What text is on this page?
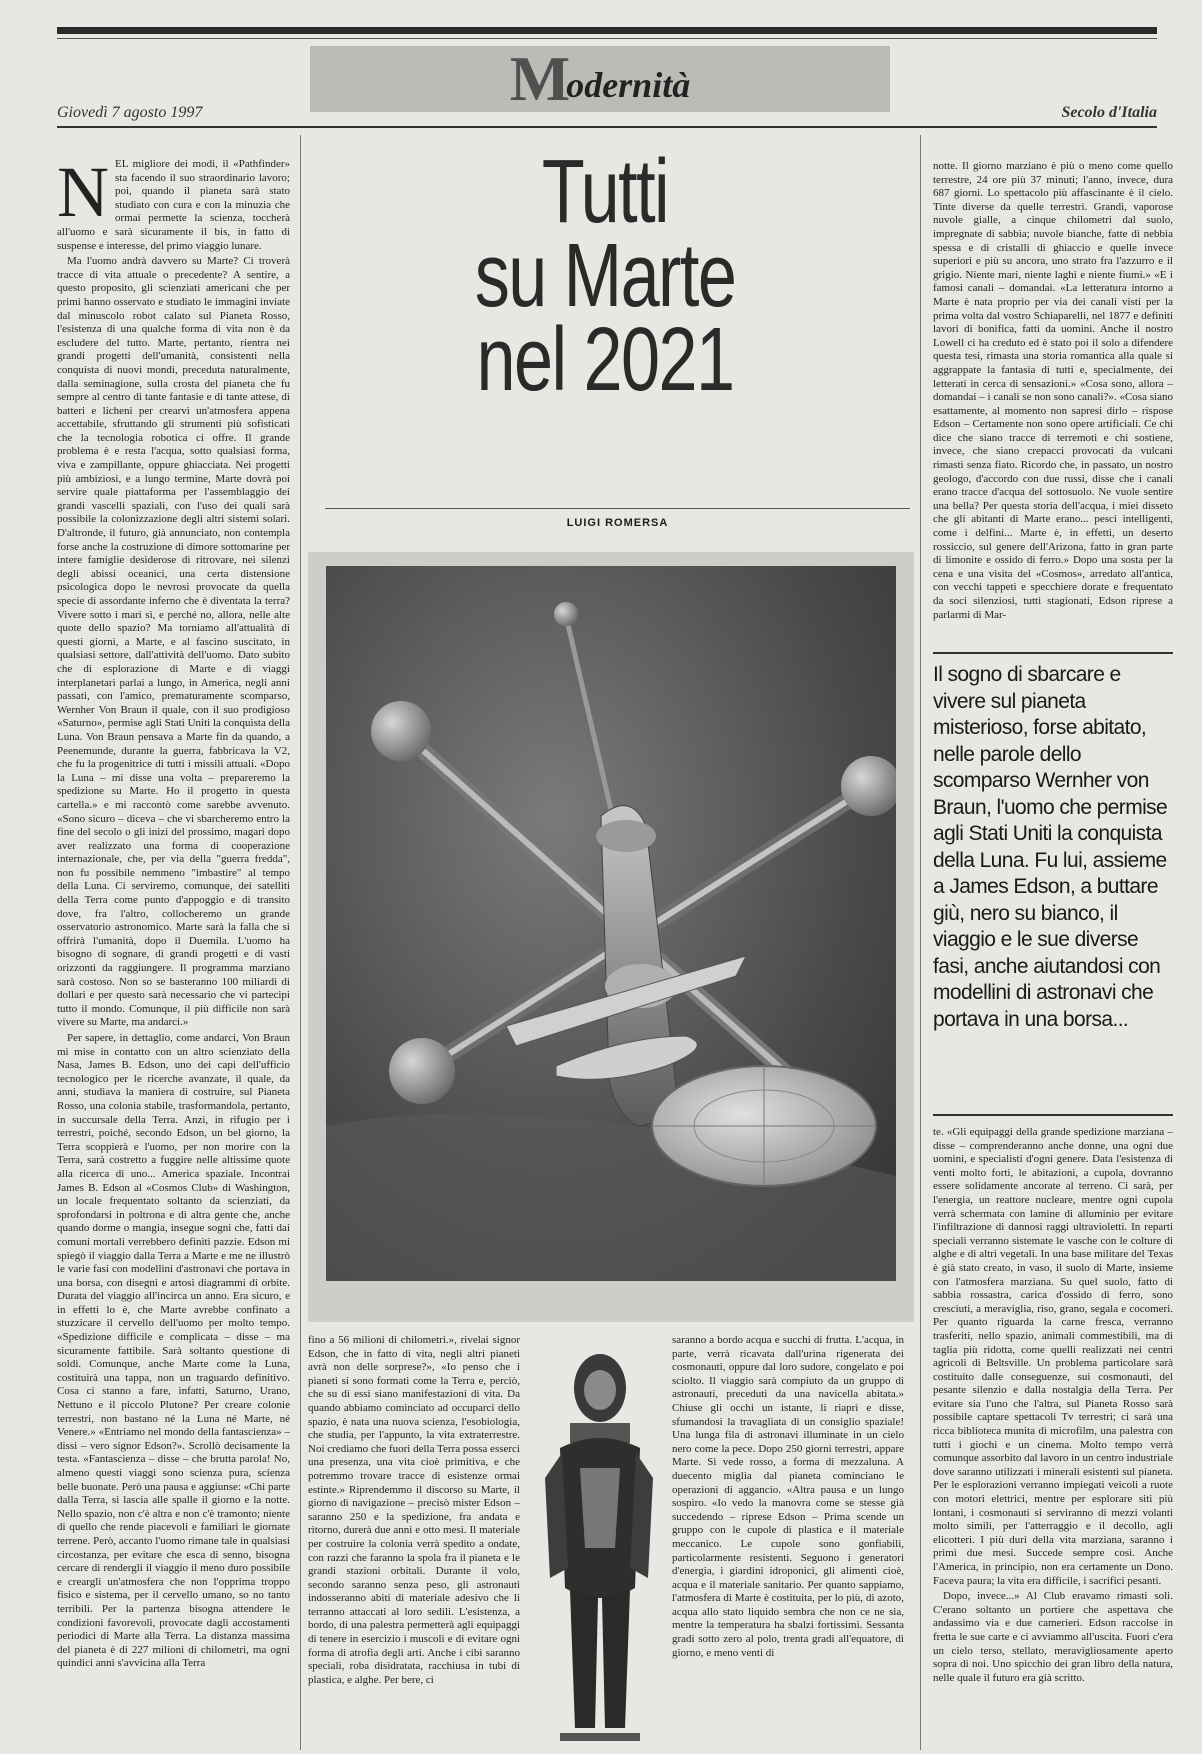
M
odernità
Giovedì 7 agosto 1997	Secolo d'Italia
N EL migliore dei modi, il «Pathfinder» sta facendo il suo straordinario lavoro; poi, quando il pianeta sarà stato studiato con cura e con la minuzia che ormai permette la scienza, toccherà all'uomo e sarà sicuramente il bis, in fatto di suspense e interesse, del primo viaggio lunare.

Ma l'uomo andrà davvero su Marte? Ci troverà tracce di vita attuale o precedente? A sentire, a questo proposito, gli scienziati americani che per primi hanno osservato e studiato le immagini inviate dal minuscolo robot calato sul Pianeta Rosso, l'esistenza di una qualche forma di vita non è da escludere del tutto. Marte, pertanto, rientra nei grandi progetti dell'umanità, consistenti nella conquista di nuovi mondi, preceduta naturalmente, dalla seminagione, sulla crosta del pianeta che fu sempre al centro di tante fantasie e di tante attese, di batteri e licheni per crearvi un'atmosfera appena accettabile, sfruttando gli strumenti più sofisticati che la tecnologia robotica ci offre. Il grande problema è e resta l'acqua, sotto qualsiasi forma, viva e zampillante, oppure ghiacciata. Nei progetti più ambiziosi, e a lungo termine, Marte dovrà poi servire quale piattaforma per l'assemblaggio dei grandi vascelli spaziali, con l'uso dei quali sarà possibile la colonizzazione degli altri sistemi solari. D'altronde, il futuro, già annunciato, non contempla forse anche la costruzione di dimore sottomarine per intere famiglie desiderose di ritrovare, nei silenzi degli abissi oceanici, una certa distensione psicologica dopo le nevrosi provocate da quella specie di assordante inferno che è diventata la terra? Vivere sotto i mari sì, e perché no, allora, nelle alte quote dello spazio? Ma torniamo all'attualità di questi giorni, a Marte, e al fascino suscitato, in qualsiasi settore, dall'attività dell'uomo. Dato subito che di esplorazione di Marte e di viaggi interplanetari parlai a lungo, in America, negli anni passati, con l'amico, prematuramente scomparso, Wernher Von Braun il quale, con il suo prodigioso «Saturno», permise agli Stati Uniti la conquista della Luna. Von Braun pensava a Marte fin da quando, a Peenemunde, durante la guerra, fabbricava la V2, che fu la progenitrice di tutti i missili attuali. «Dopo la Luna – mi disse una volta – prepareremo la spedizione su Marte. Ho il progetto in questa cartella.» e mi raccontò come sarebbe avvenuto. «Sono sicuro – diceva – che vi sbarcheremo entro la fine del secolo o gli inizi del prossimo, magari dopo aver realizzato una forma di cooperazione internazionale, che, per via della "guerra fredda", non fu possibile nemmeno "imbastire" al tempo della Luna. Ci serviremo, comunque, dei satelliti della Terra come punto d'appoggio e di transito dove, fra l'altro, collocheremo un grande osservatorio astronomico. Marte sarà la falla che si offrirà l'umanità, dopo il Duemila. L'uomo ha bisogno di sognare, di grandi progetti e di vasti orizzonti da raggiungere. Il programma marziano sarà costoso. Non so se basteranno 100 miliardi di dollari e per questo sarà necessario che vi partecipi tutto il mondo. Comunque, il più difficile non sarà vivere su Marte, ma andarci.»

Per sapere, in dettaglio, come andarci, Von Braun mi mise in contatto con un altro scienziato della Nasa, James B. Edson, uno dei capi dell'ufficio tecnologico per le ricerche avanzate, il quale, da anni, studiava la maniera di costruire, sul Pianeta Rosso, una colonia stabile, trasformandola, pertanto, in succursale della Terra. Anzi, in rifugio per i terrestri, poiché, secondo Edson, un bel giorno, la Terra scoppierà e l'uomo, per non morire con la Terra, sarà costretto a fuggire nelle altissime quote alla ricerca di uno... America spaziale. Incontrai James B. Edson al «Cosmos Club» di Washington, un locale frequentato soltanto da scienziati, da sprofondarsi in poltrona e di altra gente che, anche quando dorme o mangia, insegue sogni che, fatti dai comuni mortali verrebbero definiti pazzie. Edson mi spiegò il viaggio dalla Terra a Marte e me ne illustrò le varie fasi con modellini d'astronavi che portava in una borsa, con disegni e artosi diagrammi di orbite. Durata del viaggio all'incirca un anno. Era sicuro, e in effetti lo è, che Marte avrebbe confinato a stuzzicare il cervello dell'uomo per molto tempo. «Spedizione difficile e complicata – disse – ma sicuramente fattibile. Sarà soltanto questione di soldi. Comunque, anche Marte come la Luna, costituirà una tappa, non un traguardo definitivo. Cosa ci stanno a fare, infatti, Saturno, Urano, Nettuno e il piccolo Plutone? Per creare colonie terrestri, non bastano né la Luna né Marte, né Venere.» «Entriamo nel mondo della fantascienza» – dissi – vero signor Edson?». Scrollò decisamente la testa. «Fantascienza – disse – che brutta parola! No, almeno questi viaggi sono scienza pura, scienza belle buonate. Però una pausa e aggiunse: «Chi parte dalla Terra, si lascia alle spalle il giorno e la notte. Nello spazio, non c'è altra e non c'è tramonto; niente di quello che rende piacevoli e familiari le giornate terrene. Però, accanto l'uomo rimane tale in qualsiasi circostanza, per evitare che esca di senno, bisogna cercare di rendergli il viaggio il meno duro possibile e creargli un'atmosfera che non l'opprima troppo fisico e sistema, per il cervello umano, so no tanto terribili. Per la partenza bisogna attendere le condizioni favorevoli, provocate dagli accostamenti periodici di Marte alla Terra. La distanza massima del pianeta è di 227 milioni di chilometri, ma ogni quindici anni s'avvicina alla Terra

Tutti
su Marte
nel 2021
LUIGI ROMERSA

fino a 56 milioni di chilometri.», rivelai signor Edson, che in fatto di vita, negli altri pianeti avrà non delle sorprese?», «Io penso che i pianeti si sono formati come la Terra e, perciò, che su di essi siano manifestazioni di vita. Da quando abbiamo cominciato ad occuparci dello spazio, è nata una nuova scienza, l'esobiologia, che studia, per l'appunto, la vita extraterrestre. Noi crediamo che fuori della Terra possa esserci una presenza, una vita cioè primitiva, e che potremmo trovare tracce di esistenze ormai estinte.» Riprendemmo il discorso su Marte, il giorno di navigazione – precisò mister Edson – saranno 250 e la spedizione, fra andata e ritorno, durerà due anni e otto mesi. Il materiale per costruire la colonia verrà spedito a ondate, con razzi che faranno la spola fra il pianeta e le grandi stazioni orbitali. Durante il volo, secondo saranno senza peso, gli astronauti indosseranno abiti di materiale adesivo che li terranno attaccati al loro sedili. L'esistenza, a bordo, di una palestra permetterà agli equipaggi di tenere in esercizio i muscoli e di evitare ogni forma di atrofia degli arti. Anche i cibi saranno speciali, roba disidratata, racchiusa in tubi di plastica, e alghe. Per bere, ci

saranno a bordo acqua e succhi di frutta. L'acqua, in parte, verrà ricavata dall'urina rigenerata dei cosmonauti, oppure dal loro sudore, congelato e poi sciolto. Il viaggio sarà compiuto da un gruppo di astronauti, preceduti da una navicella abitata.» Chiuse gli occhi un istante, li riaprì e disse, sfumandosi la travagliata di un consiglio spaziale! Una lunga fila di astronavi illuminate in un cielo nero come la pece. Dopo 250 giorni terrestri, appare Marte. Si vede rosso, a forma di mezzaluna. A duecento miglia dal pianeta cominciano le operazioni di aggancio. «Altra pausa e un lungo sospiro. «Io vedo la manovra come se stesse già succedendo – riprese Edson – Prima scende un gruppo con le cupole di plastica e il materiale meccanico. Le cupole sono gonfiabili, particolarmente resistenti. Seguono i generatori d'energia, i giardini idroponici, gli alimenti cioè, acqua e il materiale sanitario. Per quanto sappiamo, l'atmosfera di Marte è costituita, per lo più, di azoto, acqua allo stato liquido sembra che non ce ne sia, mentre la temperatura ha sbalzi fortissimi. Sessanta gradi sotto zero al polo, trenta gradi all'equatore, di giorno, e meno venti di

notte. Il giorno marziano è più o meno come quello terrestre, 24 ore più 37 minuti; l'anno, invece, dura 687 giorni. Lo spettacolo più affascinante è il cielo. Tinte diverse da quelle terrestri. Grandi, vaporose nuvole gialle, a cinque chilometri dal suolo, impregnate di sabbia; nuvole bianche, fatte di nebbia spessa e di cristalli di ghiaccio e quelle invece superiori e più su ancora, uno strato fra l'azzurro e il grigio. Niente mari, niente laghi e niente fiumi.» «E i famosi canali – domandai. «La letteratura intorno a Marte è nata proprio per via dei canali visti per la prima volta dal vostro Schiaparelli, nel 1877 e definiti lavori di bonifica, fatti da uomini. Anche il nostro Lowell ci ha creduto ed è stato poi il solo a difendere questa tesi, rimasta una storia romantica alla quale si aggrappate la fantasia di tutti e, specialmente, dei letterati in cerca di sensazioni.» «Cosa sono, allora – domandai – i canali se non sono canali?». «Cosa siano esattamente, al momento non sapresi dirlo – rispose Edson – Certamente non sono opere artificiali. Ce chi dice che siano tracce di terremoti e chi sostiene, invece, che siano crepacci provocati da vulcani rimasti senza fiato. Ricordo che, in passato, un nostro geologo, d'accordo con due russi, disse che i canali erano tracce d'acqua del sottosuolo. Ne vuole sentire una bella? Per questa storia dell'acqua, i miei disseto che gli abitanti di Marte erano... pesci intelligenti, come i delfini... Marte è, in effetti, un deserto rossiccio, sul genere dell'Arizona, fatto in gran parte di limonite e ossido di ferro.» Dopo una sosta per la cena e una visita del «Cosmos», arredato all'antica, con vecchi tappeti e specchiere dorate e frequentato da soci silenziosi, tutti stagionati, Edson riprese a parlarmi di Mar-

Il sogno di sbarcare e vivere sul pianeta misterioso, forse abitato, nelle parole dello scomparso Wernher von Braun, l'uomo che permise agli Stati Uniti la conquista della Luna. Fu lui, assieme a James Edson, a buttare giù, nero su bianco, il viaggio e le sue diverse fasi, anche aiutandosi con modellini di astronavi che portava in una borsa...

te. «Gli equipaggi della grande spedizione marziana – disse – comprenderanno anche donne, una ogni due uomini, e specialisti d'ogni genere. Data l'esistenza di venti molto forti, le abitazioni, a cupola, dovranno essere solidamente ancorate al terreno. Ci sarà, per l'energia, un reattore nucleare, mentre ogni cupola verrà schermata con lamine di alluminio per evitare l'infiltrazione di dannosi raggi ultravioletti. In reparti speciali verranno sistemate le vasche con le colture di alghe e di altri vegetali. In una base militare del Texas è già stato creato, in vaso, il suolo di Marte, insieme con l'atmosfera marziana. Su quel suolo, fatto di sabbia rossastra, carica d'ossido di ferro, sono cresciuti, a meraviglia, riso, grano, segala e cocomeri. Per quanto riguarda la carne fresca, verranno trasferiti, nello spazio, animali commestibili, ma di taglia più ridotta, come quelli realizzati nei centri agricoli di Beltsville. Un problema particolare sarà costituito dalle conseguenze, sui cosmonauti, del pesante silenzio e dalla nostalgia della Terra. Per evitare sia l'uno che l'altra, sul Pianeta Rosso sarà possibile captare spettacoli Tv terrestri; ci sarà una ricca biblioteca munita di microfilm, una palestra con tutti i giochi e un cinema. Molto tempo verrà comunque assorbito dal lavoro in un centro industriale dove saranno utilizzati i minerali esistenti sul pianeta. Per le esplorazioni verranno impiegati veicoli a ruote con motori elettrici, mentre per esplorare siti più lontani, i cosmonauti si serviranno di mezzi volanti molto simili, per l'atterraggio e il decollo, agli elicotteri. I più duri della vita marziana, saranno i primi due mesi. Succede sempre così. Anche l'America, in principio, non era certamente un Dono. Faceva paura; la vita era difficile, i sacrifici pesanti.

Dopo, invece...» Al Club eravamo rimasti soli. C'erano soltanto un portiere che aspettava che andassimo via e due camerieri. Edson raccolse in fretta le sue carte e ci avviammo all'uscita. Fuori c'era un cielo terso, stellato, meravigliosamente aperto sopra di noi. Uno spicchio dei gran libro della natura, nelle quale il futuro era già scritto.
